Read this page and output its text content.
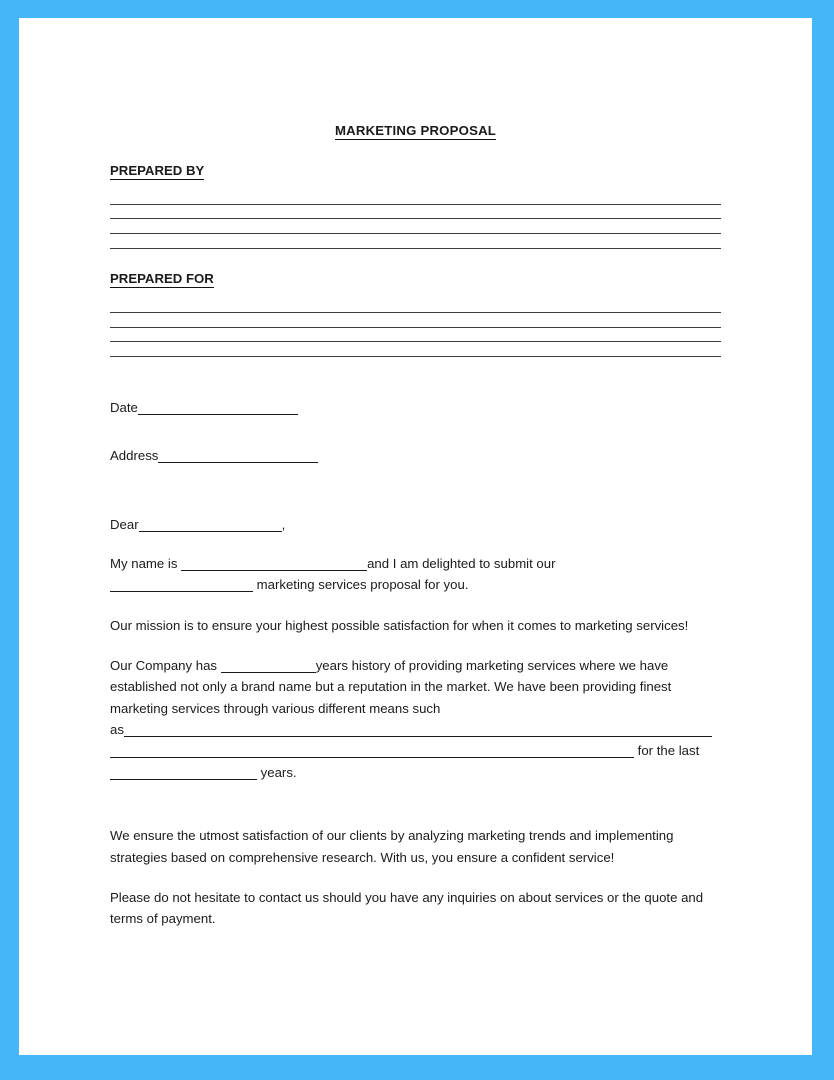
MARKETING PROPOSAL
PREPARED BY
PREPARED FOR
Date
Address
Dear	,
My name is	and I am delighted to submit our
marketing services proposal for you.
Our mission is to ensure your highest possible satisfaction for when it comes to marketing services!
Our Company has	years history of providing marketing services where we have established not only a brand name but a reputation in the market. We have been providing finest marketing services through various different means such
as
for the last
years.
We ensure the utmost satisfaction of our clients by analyzing marketing trends and implementing strategies based on comprehensive research. With us, you ensure a confident service!
Please do not hesitate to contact us should you have any inquiries on about services or the quote and terms of payment.
